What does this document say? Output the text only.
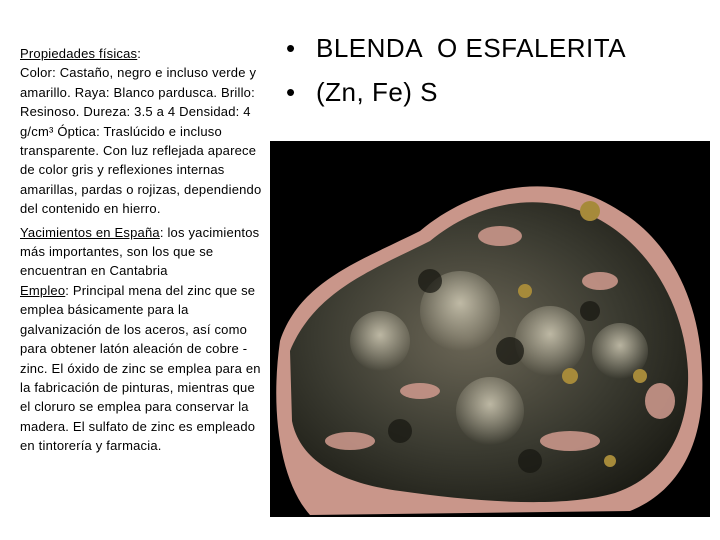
Propiedades físicas:
Color: Castaño, negro e incluso verde y amarillo. Raya: Blanco pardusca. Brillo: Resinoso. Dureza: 3.5 a 4 Densidad: 4 g/cm³ Óptica: Traslúcido e incluso transparente. Con luz reflejada aparece de color gris y reflexiones internas amarillas, pardas o rojizas, dependiendo del contenido en hierro.

Yacimientos en España: los yacimientos más importantes, son los que se encuentran en Cantabria
Empleo: Principal mena del zinc que se emplea básicamente para la galvanización de los aceros, así como para obtener latón aleación de cobre - zinc. El óxido de zinc se emplea para en la fabricación de pinturas, mientras que el cloruro se emplea para conservar la madera. El sulfato de zinc es empleado en tintorería y farmacia.

• BLENDA  O ESFALERITA
• (Zn, Fe) S
